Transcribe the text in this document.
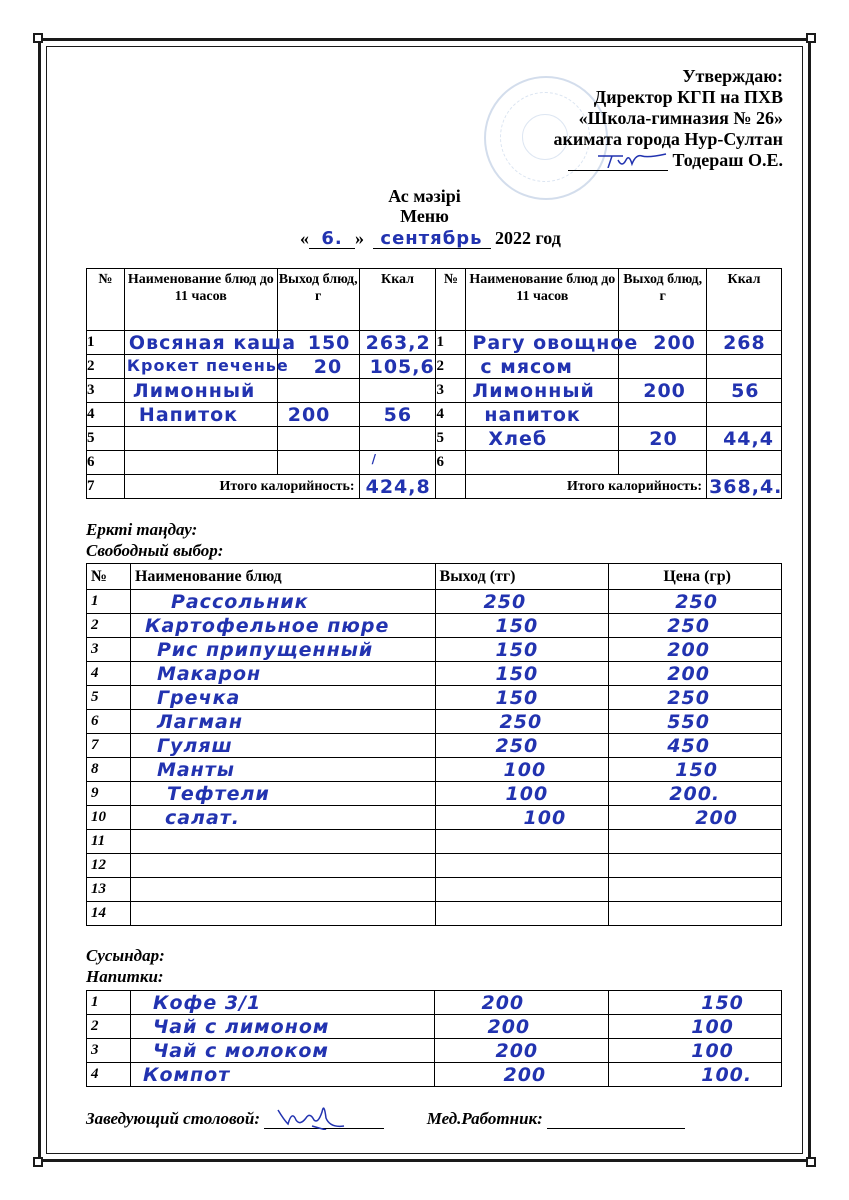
Утверждаю:
Директор КГП на ПХВ
«Школа-гимназия № 26»
акимата города Нур-Султан
Тодераш О.Е.
Ас мәзірі
Меню
« 6. » сентябрь 2022 год
№	Наименование блюд до 11 часов	Выход блюд, г	Ккал	№	Наименование блюд до 11 часов	Выход блюд, г	Ккал
1	Овсяная каша	150	263,2	1	Рагу овощное	200	268

2	Крокет печенье	20	105,6	2	с мясом		

3	Лимонный			3	Лимонный	200	56

4	Напиток	200	56	4	напиток		

5				5	Хлеб	20	44,4

6			/	6	

7	Итого калорийность:		424,8		Итого калорийность:		368,4.
Еркті таңдау:
Свободный выбор:
№	Наименование блюд	Выход (тг)	Цена (гр)
1	Рассольник	250	250

2	Картофельное пюре	150	250

3	Рис припущенный	150	200

4	Макарон	150	200

5	Гречка	150	250

6	Лагман	250	550

7	Гуляш	250	450

8	Манты	100	150

9	Тефтели	100	200.

10	салат.	100	200

11	

12	

13	

14	

Сусындар:
Напитки:
1	Кофе 3/1	200	150

2	Чай с лимоном	200	100

3	Чай с молоком	200	100

4	Компот	200	100.
Заведующий столовой:	Мед.Работник:
